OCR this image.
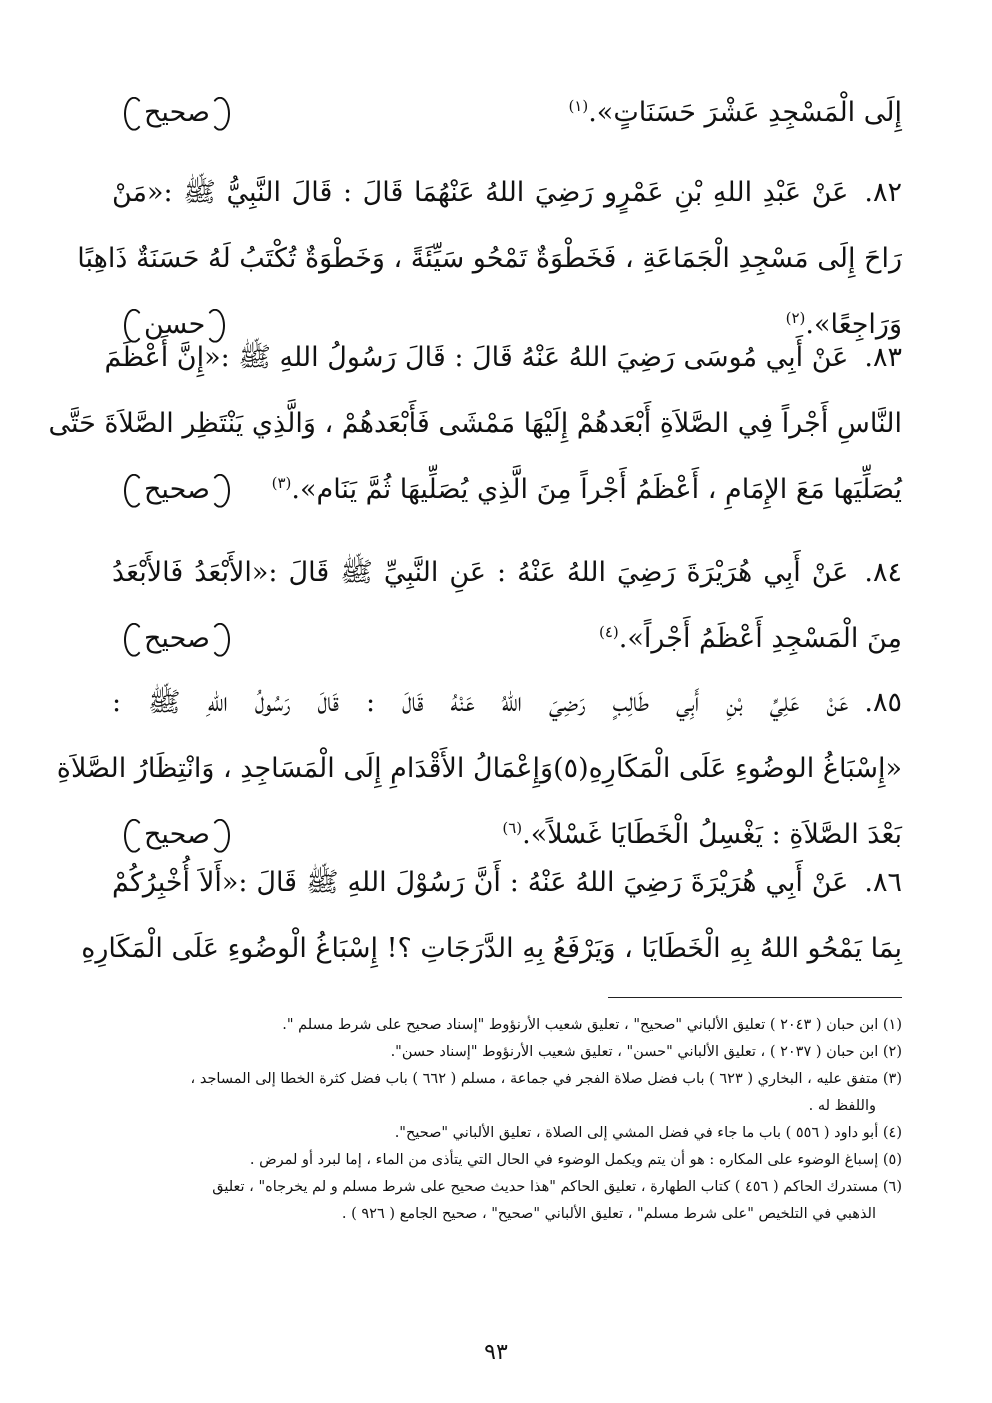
إِلَى الْمَسْجِدِ عَشْرَ حَسَنَاتٍ».$^{(١)}$
صحيح
٨٢.عَنْ عَبْدِ اللهِ بْنِ عَمْرٍو رَضِيَ اللهُ عَنْهُمَا قَالَ : قَالَ النَّبِيُّ ﷺ :«مَنْ
رَاحَ إِلَى مَسْجِدِ الْجَمَاعَةِ ، فَخَطْوَةٌ تَمْحُو سَيِّئَةً ، وَخَطْوَةٌ تُكْتَبُ لَهُ حَسَنَةٌ ذَاهِبًا
وَرَاجِعًا».$^{(٢)}$
حسن
٨٣.عَنْ أَبِي مُوسَى رَضِيَ اللهُ عَنْهُ قَالَ : قَالَ رَسُولُ اللهِ ﷺ :«إِنَّ أَعْظَمَ
النَّاسِ أَجْراً فِي الصَّلاَةِ أَبْعَدهُمْ إِلَيْهَا مَمْشَى فَأَبْعَدهُمْ ، وَالَّذِي يَنْتَظِر الصَّلاَةَ حَتَّى
يُصَلِّيَها مَعَ الإِمَامِ ، أَعْظَمُ أَجْراً مِنَ الَّذِي يُصَلِّيهَا ثُمَّ يَنَام».$^{(٣)}$
صحيح
٨٤.عَنْ أَبِي هُرَيْرَةَ رَضِيَ اللهُ عَنْهُ : عَنِ النَّبِيِّ ﷺ قَالَ :«الأَبْعَدُ فَالأَبْعَدُ
مِنَ الْمَسْجِدِ أَعْظَمُ أَجْراً».$^{(٤)}$
صحيح
٨٥.عَنْ عَلِيِّ بْنِ أَبِي طَالِبٍ رَضِيَ اللهُ عَنْهُ قَالَ : قَالَ رَسُولُ اللهِ ﷺ :
«إِسْبَاغُ الوضُوءِ عَلَى الْمَكَارِهِ(٥)وَإِعْمَالُ الأَقْدَامِ إِلَى الْمَسَاجِدِ ، وَانْتِظَارُ الصَّلاَةِ
بَعْدَ الصَّلاَةِ : يَغْسِلُ الْخَطَايَا غَسْلاً».$^{(٦)}$
صحيح
٨٦.عَنْ أَبِي هُرَيْرَةَ رَضِيَ اللهُ عَنْهُ : أَنَّ رَسُوْلَ اللهِ ﷺ قَالَ :«أَلاَ أُخْبِرُكُمْ
بِمَا يَمْحُو اللهُ بِهِ الْخَطَايَا ، وَيَرْفَعُ بِهِ الدَّرَجَاتِ ؟! إِسْبَاغُ الْوضُوءِ عَلَى الْمَكَارِهِ
(١) ابن حبان ( ٢٠٤٣ ) تعليق الألباني "صحيح" ، تعليق شعيب الأرنؤوط "إسناد صحيح على شرط مسلم ".
(٢) ابن حبان ( ٢٠٣٧ ) ، تعليق الألباني "حسن" ، تعليق شعيب الأرنؤوط "إسناد حسن".
(٣) متفق عليه ، البخاري ( ٦٢٣ ) باب فضل صلاة الفجر في جماعة ، مسلم ( ٦٦٢ ) باب فضل كثرة الخطا إلى المساجد ،
واللفظ له .
(٤) أبو داود ( ٥٥٦ ) باب ما جاء في فضل المشي إلى الصلاة ، تعليق الألباني "صحيح".
(٥) إسباغ الوضوء على المكاره : هو أن يتم ويكمل الوضوء في الحال التي يتأذى من الماء ، إما لبرد أو لمرض .
(٦) مستدرك الحاكم ( ٤٥٦ ) كتاب الطهارة ، تعليق الحاكم "هذا حديث صحيح على شرط مسلم و لم يخرجاه" ، تعليق
الذهبي في التلخيص "على شرط مسلم" ، تعليق الألباني "صحيح" ، صحيح الجامع ( ٩٢٦ ) .
٩٣
